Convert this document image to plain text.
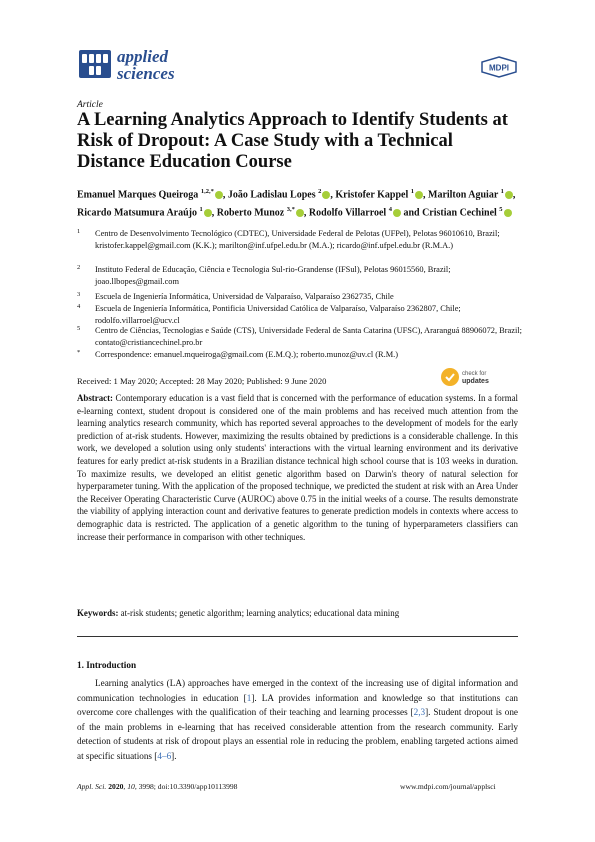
applied
sciences	MDPI
Article
A Learning Analytics Approach to Identify Students at Risk of Dropout: A Case Study with a Technical Distance Education Course
Emanuel Marques Queiroga $^{1,2,*}$ , João Ladislau Lopes $^2$ , Kristofer Kappel $^1$ , Marilton Aguiar $^1$ , Ricardo Matsumura Araújo $^1$ , Roberto Munoz $^{3,*}$ , Rodolfo Villarroel $^4$ and Cristian Cechinel $^5$
1 Centro de Desenvolvimento Tecnológico (CDTEC), Universidade Federal de Pelotas (UFPel), Pelotas 96010610, Brazil; kristofer.kappel@gmail.com (K.K.); marilton@inf.ufpel.edu.br (M.A.); ricardo@inf.ufpel.edu.br (R.M.A.)
2 Instituto Federal de Educação, Ciência e Tecnologia Sul-rio-Grandense (IFSul), Pelotas 96015560, Brazil; joao.llbopes@gmail.com
3 Escuela de Ingeniería Informática, Universidad de Valparaíso, Valparaíso 2362735, Chile
4 Escuela de Ingeniería Informática, Pontificia Universidad Católica de Valparaíso, Valparaíso 2362807, Chile; rodolfo.villarroel@ucv.cl
5 Centro de Ciências, Tecnologias e Saúde (CTS), Universidade Federal de Santa Catarina (UFSC), Araranguá 88906072, Brazil; contato@cristiancechinel.pro.br
* Correspondence: emanuel.mqueiroga@gmail.com (E.M.Q.); roberto.munoz@uv.cl (R.M.)
Received: 1 May 2020; Accepted: 28 May 2020; Published: 9 June 2020
check for
updates
Abstract: Contemporary education is a vast field that is concerned with the performance of education systems. In a formal e-learning context, student dropout is considered one of the main problems and has received much attention from the learning analytics research community, which has reported several approaches to the development of models for the early prediction of at-risk students. However, maximizing the results obtained by predictions is a considerable challenge. In this work, we developed a solution using only students' interactions with the virtual learning environment and its derivative features for early predict at-risk students in a Brazilian distance technical high school course that is 103 weeks in duration. To maximize results, we developed an elitist genetic algorithm based on Darwin's theory of natural selection for hyperparameter tuning. With the application of the proposed technique, we predicted the student at risk with an Area Under the Receiver Operating Characteristic Curve (AUROC) above 0.75 in the initial weeks of a course. The results demonstrate the viability of applying interaction count and derivative features to generate prediction models in contexts where access to demographic data is restricted. The application of a genetic algorithm to the tuning of hyperparameters classifiers can increase their performance in comparison with other techniques.
Keywords: at-risk students; genetic algorithm; learning analytics; educational data mining
1. Introduction
Learning analytics (LA) approaches have emerged in the context of the increasing use of digital information and communication technologies in education [1]. LA provides information and knowledge so that institutions can overcome core challenges with the qualification of their teaching and learning processes [2,3]. Student dropout is one of the main problems in e-learning that has received considerable attention from the research community. Early detection of students at risk of dropout plays an essential role in reducing the problem, enabling targeted actions aimed at specific situations [4–6].
Appl. Sci. 2020, 10, 3998; doi:10.3390/app10113998	www.mdpi.com/journal/applsci
